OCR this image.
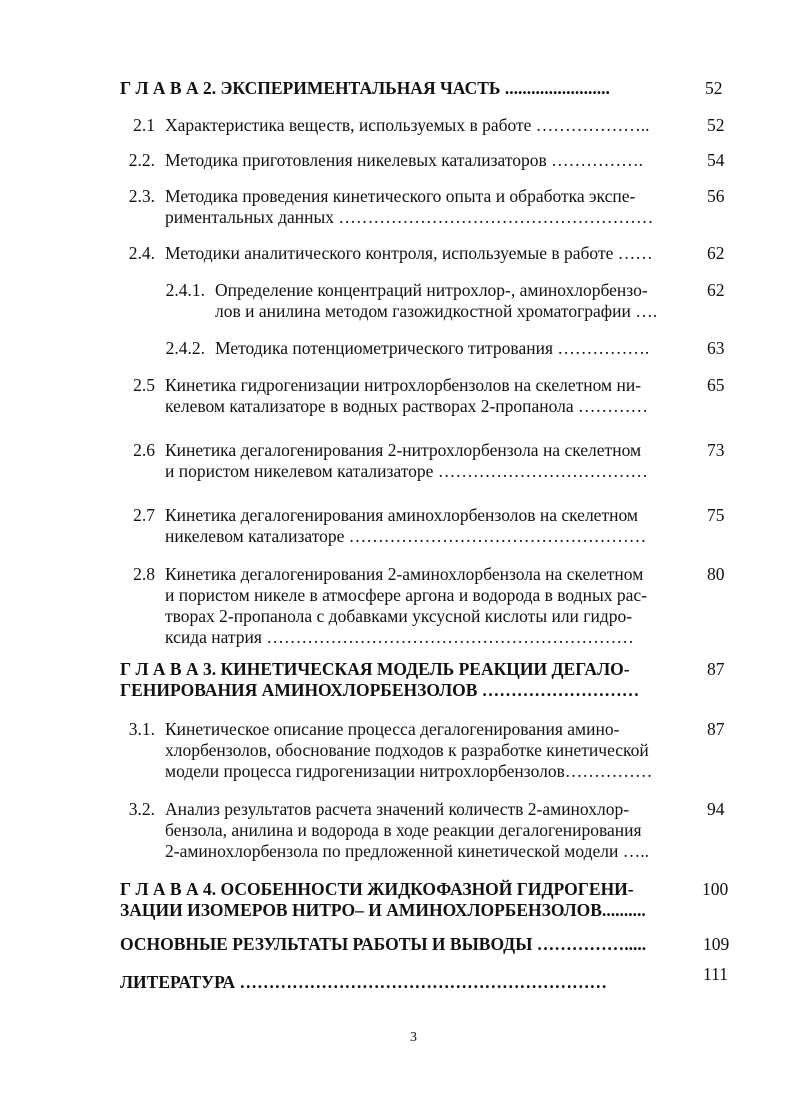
Г Л А В А 2. ЭКСПЕРИМЕНТАЛЬНАЯ ЧАСТЬ ........................	52
2.1 Характеристика веществ, используемых в работе ………………..	52
2.2. Методика приготовления никелевых катализаторов …………….	54
2.3. Методика проведения кинетического опыта и обработка экспе-
риментальных данных ………………………………………………
56
2.4. Методики аналитического контроля, используемые в работе ……	62
2.4.1. Определение концентраций нитрохлор-, аминохлорбензо-
лов и анилина методом газожидкостной хроматографии ….
62
2.4.2. Методика потенциометрического титрования …………….	63
2.5 Кинетика гидрогенизации нитрохлорбензолов на скелетном ни-
келевом катализаторе в водных растворах 2-пропанола …………
65
2.6 Кинетика дегалогенирования 2-нитрохлорбензола на скелетном
и пористом никелевом катализаторе ………………………………
73
2.7 Кинетика дегалогенирования аминохлорбензолов на скелетном
никелевом катализаторе ……………………………………………
75
2.8 Кинетика дегалогенирования 2-аминохлорбензола на скелетном
и пористом никеле в атмосфере аргона и водорода в водных рас-
творах 2-пропанола с добавками уксусной кислоты или гидро-
ксида натрия ………………………………………………………
80
Г Л А В А 3. КИНЕТИЧЕСКАЯ МОДЕЛЬ РЕАКЦИИ ДЕГАЛО-
ГЕНИРОВАНИЯ АМИНОХЛОРБЕНЗОЛОВ ………………………
87
3.1. Кинетическое описание процесса дегалогенирования амино-
хлорбензолов, обоснование подходов к разработке кинетической
модели процесса гидрогенизации нитрохлорбензолов……………
87
3.2. Анализ результатов расчета значений количеств 2-аминохлор-
бензола, анилина и водорода в ходе реакции дегалогенирования
2-аминохлорбензола по предложенной кинетической модели …..
94
Г Л А В А 4. ОСОБЕННОСТИ ЖИДКОФАЗНОЙ ГИДРОГЕНИ-
ЗАЦИИ ИЗОМЕРОВ НИТРО– И АМИНОХЛОРБЕНЗОЛОВ..........
100
ОСНОВНЫЕ РЕЗУЛЬТАТЫ РАБОТЫ И ВЫВОДЫ …………….....	109
ЛИТЕРАТУРА ………………………………………………………	111
3
